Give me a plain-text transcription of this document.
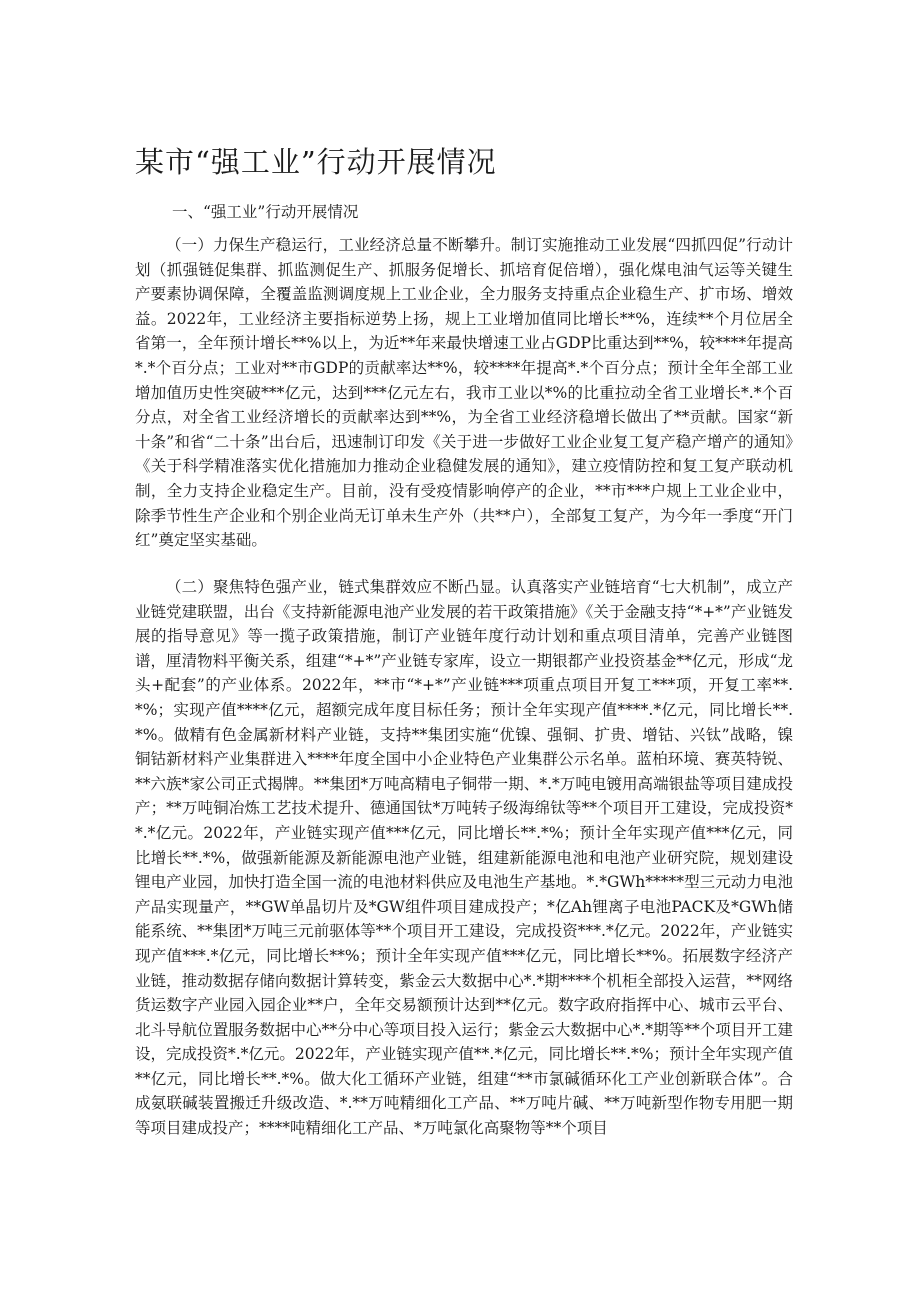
某市“强工业”行动开展情况
一、“强工业”行动开展情况

（一）力保生产稳运行，工业经济总量不断攀升。制订实施推动工业发展“四抓四促”行动计划（抓强链促集群、抓监测促生产、抓服务促增长、抓培育促倍增），强化煤电油气运等关键生产要素协调保障，全覆盖监测调度规上工业企业，全力服务支持重点企业稳生产、扩市场、增效益。2022年，工业经济主要指标逆势上扬，规上工业增加值同比增长**%，连续**个月位居全省第一，全年预计增长**%以上，为近**年来最快增速工业占GDP比重达到**%，较****年提高*.*个百分点；工业对**市GDP的贡献率达**%，较****年提高*.*个百分点；预计全年全部工业增加值历史性突破***亿元，达到***亿元左右，我市工业以*%的比重拉动全省工业增长*.*个百分点，对全省工业经济增长的贡献率达到**%，为全省工业经济稳增长做出了**贡献。国家“新十条”和省“二十条”出台后，迅速制订印发《关于进一步做好工业企业复工复产稳产增产的通知》《关于科学精准落实优化措施加力推动企业稳健发展的通知》，建立疫情防控和复工复产联动机制，全力支持企业稳定生产。目前，没有受疫情影响停产的企业，**市***户规上工业企业中，除季节性生产企业和个别企业尚无订单未生产外（共**户），全部复工复产，为今年一季度“开门红”奠定坚实基础。

（二）聚焦特色强产业，链式集群效应不断凸显。认真落实产业链培育“七大机制”，成立产业链党建联盟，出台《支持新能源电池产业发展的若干政策措施》《关于金融支持“*+*”产业链发展的指导意见》等一揽子政策措施，制订产业链年度行动计划和重点项目清单，完善产业链图谱，厘清物料平衡关系，组建“*+*”产业链专家库，设立一期银都产业投资基金**亿元，形成“龙头+配套”的产业体系。2022年，**市“*+*”产业链***项重点项目开复工***项，开复工率**.*%；实现产值****亿元，超额完成年度目标任务；预计全年实现产值****.*亿元，同比增长**.*%。做精有色金属新材料产业链，支持**集团实施“优镍、强铜、扩贵、增钴、兴钛”战略，镍铜钴新材料产业集群进入****年度全国中小企业特色产业集群公示名单。蓝柏环境、赛英特锐、**六族*家公司正式揭牌。**集团*万吨高精电子铜带一期、*.*万吨电镀用高端银盐等项目建成投产；**万吨铜冶炼工艺技术提升、德通国钛*万吨转子级海绵钛等**个项目开工建设，完成投资**.*亿元。2022年，产业链实现产值***亿元，同比增长**.*%；预计全年实现产值***亿元，同比增长**.*%，做强新能源及新能源电池产业链，组建新能源电池和电池产业研究院，规划建设锂电产业园，加快打造全国一流的电池材料供应及电池生产基地。*.*GWh*****型三元动力电池产品实现量产，**GW单晶切片及*GW组件项目建成投产；*亿Ah锂离子电池PACK及*GWh储能系统、**集团*万吨三元前驱体等**个项目开工建设，完成投资***.*亿元。2022年，产业链实现产值***.*亿元，同比增长**%；预计全年实现产值***亿元，同比增长**%。拓展数字经济产业链，推动数据存储向数据计算转变，紫金云大数据中心*.*期****个机柜全部投入运营，**网络货运数字产业园入园企业**户，全年交易额预计达到**亿元。数字政府指挥中心、城市云平台、北斗导航位置服务数据中心**分中心等项目投入运行；紫金云大数据中心*.*期等**个项目开工建设，完成投资*.*亿元。2022年，产业链实现产值**.*亿元，同比增长**.*%；预计全年实现产值**亿元，同比增长**.*%。做大化工循环产业链，组建“**市氯碱循环化工产业创新联合体”。合成氨联碱装置搬迁升级改造、*.**万吨精细化工产品、**万吨片碱、**万吨新型作物专用肥一期等项目建成投产；****吨精细化工产品、*万吨氯化高聚物等**个项目
